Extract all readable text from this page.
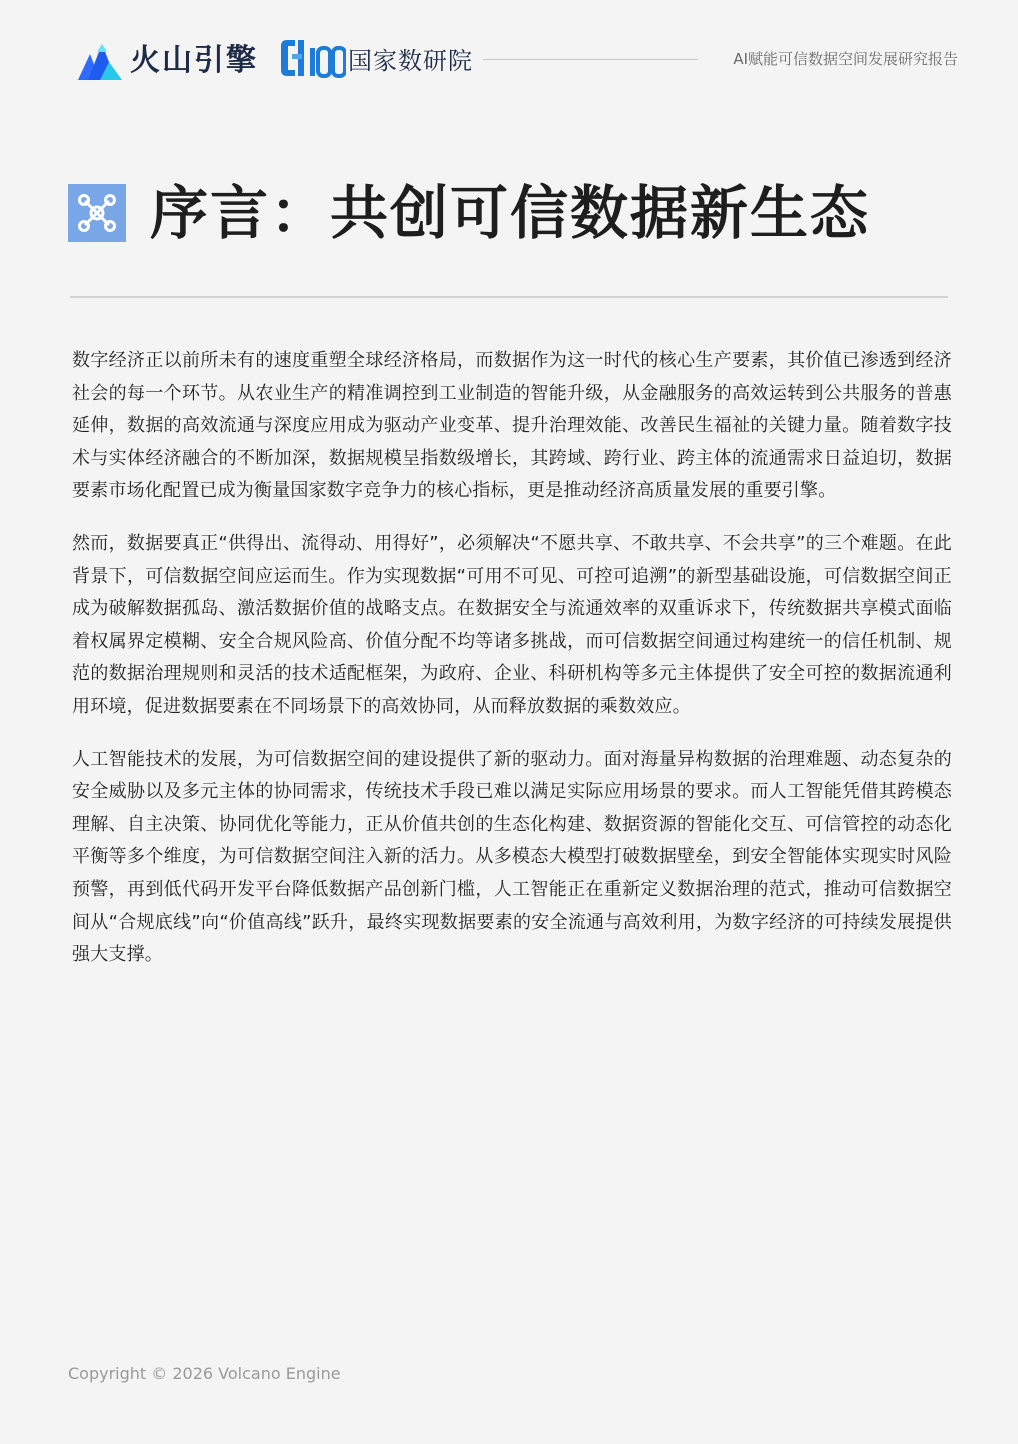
火山引擎	国家数研院	AI赋能可信数据空间发展研究报告
序言：共创可信数据新生态

数字经济正以前所未有的速度重塑全球经济格局，而数据作为这一时代的核心生产要素，其价值已渗透到经济社会的每一个环节。从农业生产的精准调控到工业制造的智能升级，从金融服务的高效运转到公共服务的普惠延伸，数据的高效流通与深度应用成为驱动产业变革、提升治理效能、改善民生福祉的关键力量。随着数字技术与实体经济融合的不断加深，数据规模呈指数级增长，其跨域、跨行业、跨主体的流通需求日益迫切，数据要素市场化配置已成为衡量国家数字竞争力的核心指标，更是推动经济高质量发展的重要引擎。

然而，数据要真正“供得出、流得动、用得好”，必须解决“不愿共享、不敢共享、不会共享”的三个难题。在此背景下，可信数据空间应运而生。作为实现数据“可用不可见、可控可追溯”的新型基础设施，可信数据空间正成为破解数据孤岛、激活数据价值的战略支点。在数据安全与流通效率的双重诉求下，传统数据共享模式面临着权属界定模糊、安全合规风险高、价值分配不均等诸多挑战，而可信数据空间通过构建统一的信任机制、规范的数据治理规则和灵活的技术适配框架，为政府、企业、科研机构等多元主体提供了安全可控的数据流通利用环境，促进数据要素在不同场景下的高效协同，从而释放数据的乘数效应。

人工智能技术的发展，为可信数据空间的建设提供了新的驱动力。面对海量异构数据的治理难题、动态复杂的安全威胁以及多元主体的协同需求，传统技术手段已难以满足实际应用场景的要求。而人工智能凭借其跨模态理解、自主决策、协同优化等能力，正从价值共创的生态化构建、数据资源的智能化交互、可信管控的动态化平衡等多个维度，为可信数据空间注入新的活力。从多模态大模型打破数据壁垒，到安全智能体实现实时风险预警，再到低代码开发平台降低数据产品创新门槛，人工智能正在重新定义数据治理的范式，推动可信数据空间从“合规底线”向“价值高线”跃升，最终实现数据要素的安全流通与高效利用，为数字经济的可持续发展提供强大支撑。

Copyright © 2026 Volcano Engine
